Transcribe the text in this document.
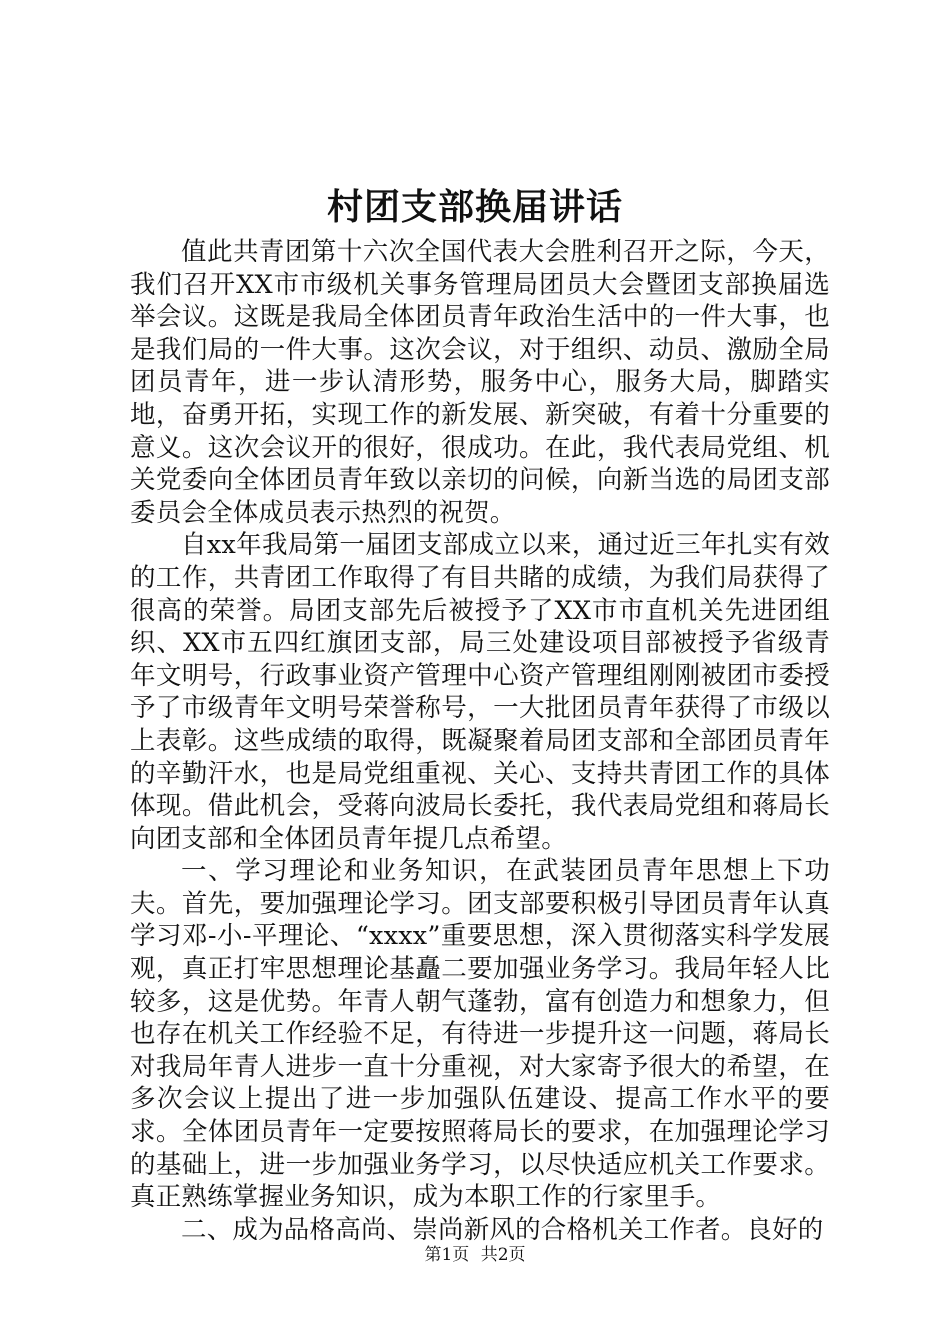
村团支部换届讲话

值此共青团第十六次全国代表大会胜利召开之际，今天，我们召开XX市市级机关事务管理局团员大会暨团支部换届选举会议。这既是我局全体团员青年政治生活中的一件大事，也是我们局的一件大事。这次会议，对于组织、动员、激励全局团员青年，进一步认清形势，服务中心，服务大局，脚踏实地，奋勇开拓，实现工作的新发展、新突破，有着十分重要的意义。这次会议开的很好，很成功。在此，我代表局党组、机关党委向全体团员青年致以亲切的问候，向新当选的局团支部委员会全体成员表示热烈的祝贺。

自xx年我局第一届团支部成立以来，通过近三年扎实有效的工作，共青团工作取得了有目共睹的成绩，为我们局获得了很高的荣誉。局团支部先后被授予了XX市市直机关先进团组织、XX市五四红旗团支部，局三处建设项目部被授予省级青年文明号，行政事业资产管理中心资产管理组刚刚被团市委授予了市级青年文明号荣誉称号，一大批团员青年获得了市级以上表彰。这些成绩的取得，既凝聚着局团支部和全部团员青年的辛勤汗水，也是局党组重视、关心、支持共青团工作的具体体现。借此机会，受蒋向波局长委托，我代表局党组和蒋局长向团支部和全体团员青年提几点希望。

一、学习理论和业务知识，在武装团员青年思想上下功夫。首先，要加强理论学习。团支部要积极引导团员青年认真学习邓-小-平理论、“xxxx”重要思想，深入贯彻落实科学发展观，真正打牢思想理论基矗二要加强业务学习。我局年轻人比较多，这是优势。年青人朝气蓬勃，富有创造力和想象力，但也存在机关工作经验不足，有待进一步提升这一问题，蒋局长对我局年青人进步一直十分重视，对大家寄予很大的希望，在多次会议上提出了进一步加强队伍建设、提高工作水平的要求。全体团员青年一定要按照蒋局长的要求，在加强理论学习的基础上，进一步加强业务学习，以尽快适应机关工作要求。真正熟练掌握业务知识，成为本职工作的行家里手。

二、成为品格高尚、崇尚新风的合格机关工作者。良好的

第1页 共2页
